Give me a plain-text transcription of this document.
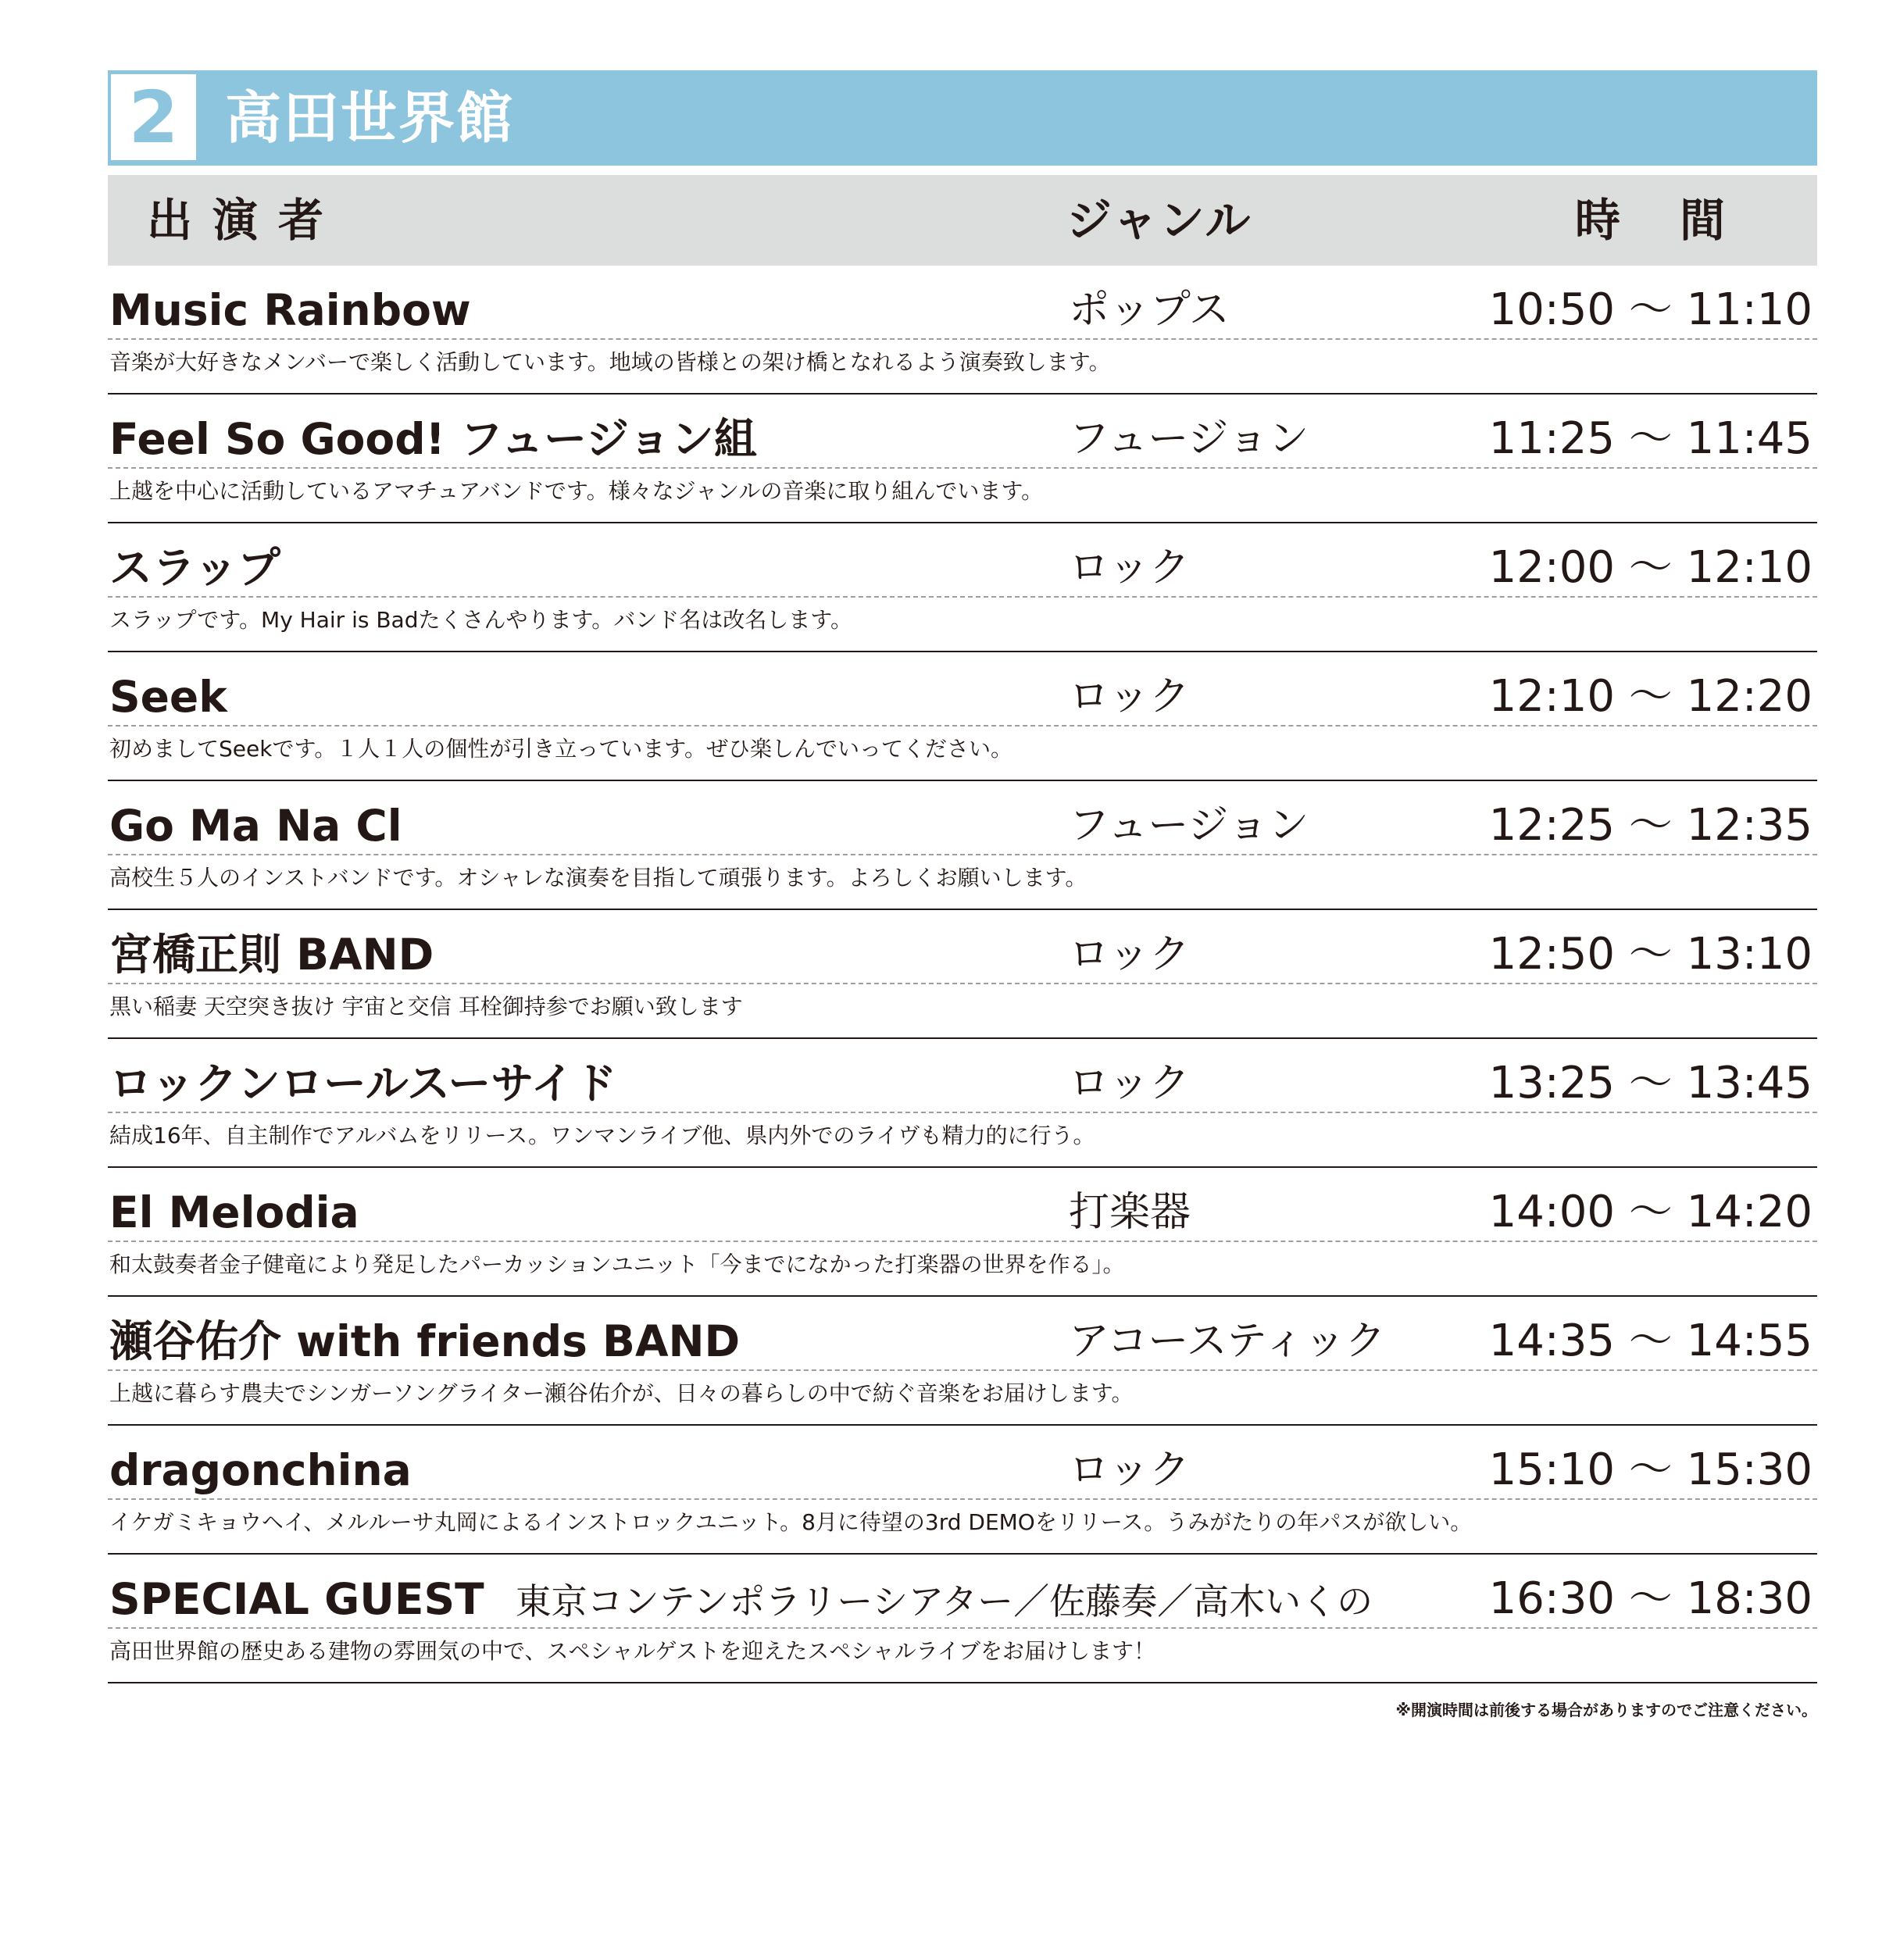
2 高田世界館
出演者	ジャンル	時間
Music Rainbow	ポップス	10:50 ～ 11:10
音楽が大好きなメンバーで楽しく活動しています。地域の皆様との架け橋となれるよう演奏致します。
Feel So Good! フュージョン組	フュージョン	11:25 ～ 11:45
上越を中心に活動しているアマチュアバンドです。様々なジャンルの音楽に取り組んでいます。
スラップ	ロック	12:00 ～ 12:10
スラップです。My Hair is Badたくさんやります。バンド名は改名します。
Seek	ロック	12:10 ～ 12:20
初めましてSeekです。１人１人の個性が引き立っています。ぜひ楽しんでいってください。
Go Ma Na Cl	フュージョン	12:25 ～ 12:35
高校生５人のインストバンドです。オシャレな演奏を目指して頑張ります。よろしくお願いします。
宮橋正則 BAND	ロック	12:50 ～ 13:10
黒い稲妻 天空突き抜け 宇宙と交信 耳栓御持参でお願い致します
ロックンロールスーサイド	ロック	13:25 ～ 13:45
結成16年、自主制作でアルバムをリリース。ワンマンライブ他、県内外でのライヴも精力的に行う。
El Melodia	打楽器	14:00 ～ 14:20
和太鼓奏者金子健竜により発足したパーカッションユニット「今までになかった打楽器の世界を作る」。
瀬谷佑介 with friends BAND	アコースティック 14:35 ～ 14:55
上越に暮らす農夫でシンガーソングライター瀬谷佑介が、日々の暮らしの中で紡ぐ音楽をお届けします。
dragonchina	ロック	15:10 ～ 15:30
イケガミキョウヘイ、メルルーサ丸岡によるインストロックユニット。8月に待望の3rd DEMOをリリース。うみがたりの年パスが欲しい。
SPECIAL GUEST 東京コンテンポラリーシアター／佐藤奏／高木いくの	16:30 ～ 18:30
高田世界館の歴史ある建物の雰囲気の中で、スペシャルゲストを迎えたスペシャルライブをお届けします！
※開演時間は前後する場合がありますのでご注意ください。
